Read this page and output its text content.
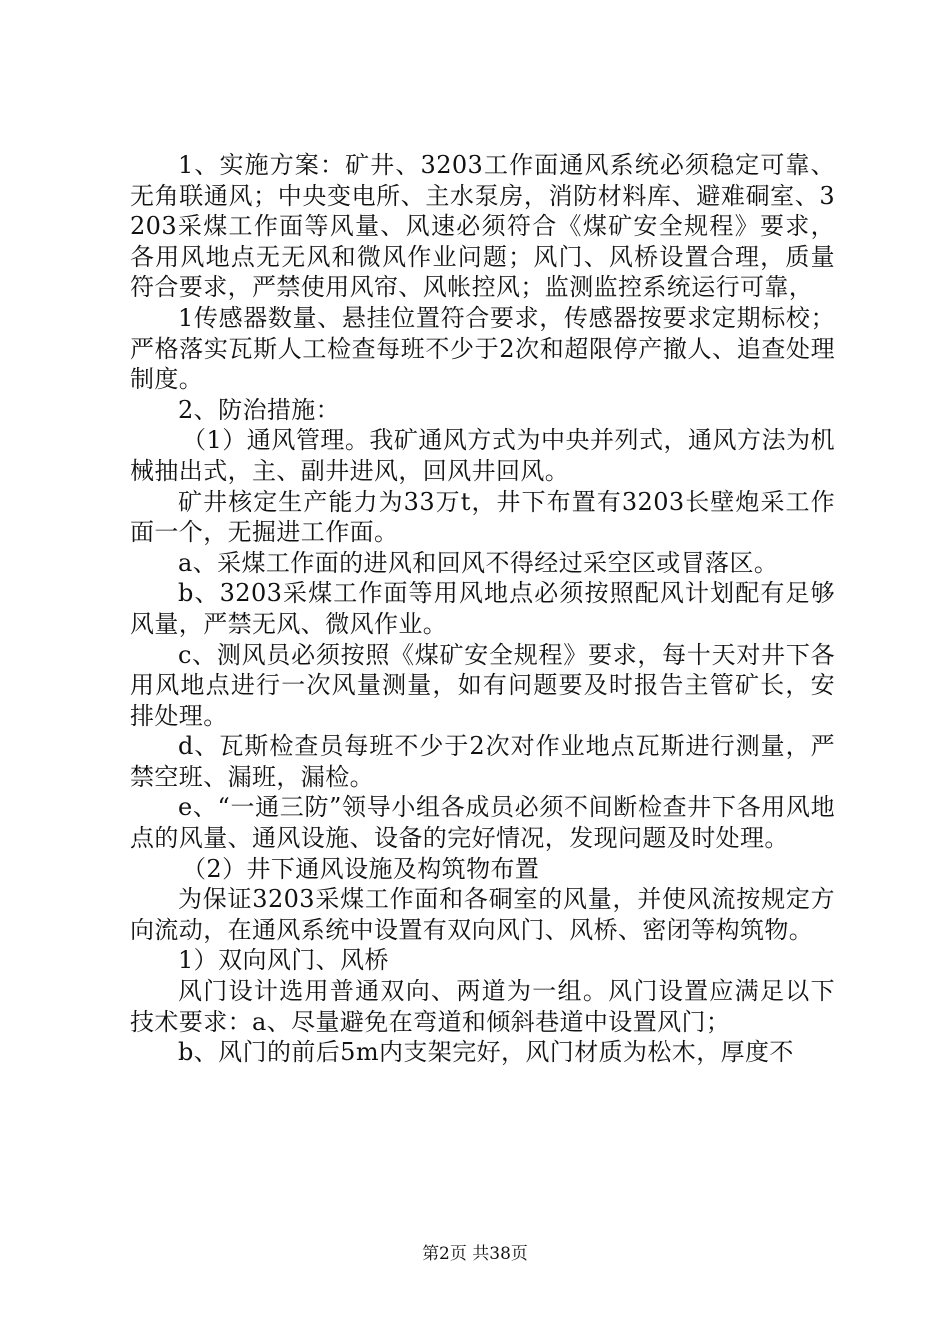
1、实施方案：矿井、3203工作面通风系统必须稳定可靠、无角联通风；中央变电所、主水泵房，消防材料库、避难硐室、3203采煤工作面等风量、风速必须符合《煤矿安全规程》要求，各用风地点无无风和微风作业问题；风门、风桥设置合理，质量符合要求，严禁使用风帘、风帐控风；监测监控系统运行可靠，

1传感器数量、悬挂位置符合要求，传感器按要求定期标校；严格落实瓦斯人工检查每班不少于2次和超限停产撤人、追查处理制度。

2、防治措施：

（1）通风管理。我矿通风方式为中央并列式，通风方法为机械抽出式，主、副井进风，回风井回风。

矿井核定生产能力为33万t，井下布置有3203长壁炮采工作面一个，无掘进工作面。

a、采煤工作面的进风和回风不得经过采空区或冒落区。

b、3203采煤工作面等用风地点必须按照配风计划配有足够风量，严禁无风、微风作业。

c、测风员必须按照《煤矿安全规程》要求，每十天对井下各用风地点进行一次风量测量，如有问题要及时报告主管矿长，安排处理。

d、瓦斯检查员每班不少于2次对作业地点瓦斯进行测量，严禁空班、漏班，漏检。

e、“一通三防”领导小组各成员必须不间断检查井下各用风地点的风量、通风设施、设备的完好情况，发现问题及时处理。

（2）井下通风设施及构筑物布置

为保证3203采煤工作面和各硐室的风量，并使风流按规定方向流动，在通风系统中设置有双向风门、风桥、密闭等构筑物。

1）双向风门、风桥

风门设计选用普通双向、两道为一组。风门设置应满足以下技术要求：a、尽量避免在弯道和倾斜巷道中设置风门；

b、风门的前后5m内支架完好，风门材质为松木，厚度不

第2页 共38页
